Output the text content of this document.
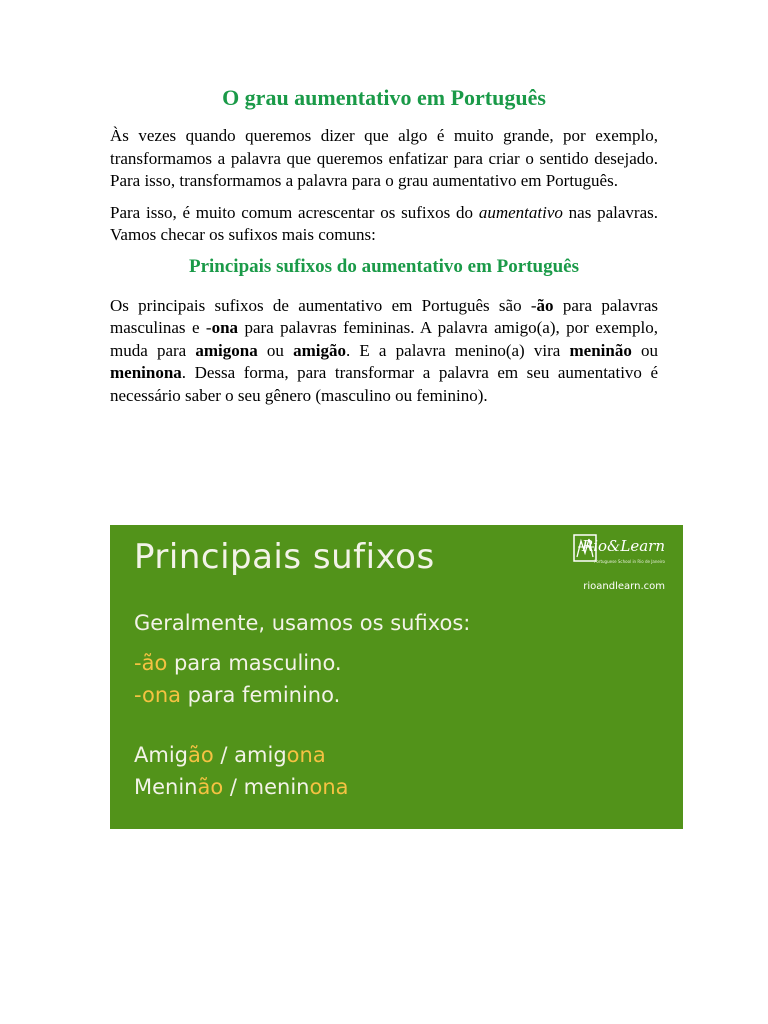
O grau aumentativo em Português

Às vezes quando queremos dizer que algo é muito grande, por exemplo, transformamos a palavra que queremos enfatizar para criar o sentido desejado. Para isso, transformamos a palavra para o grau aumentativo em Português.

Para isso, é muito comum acrescentar os sufixos do aumentativo nas palavras. Vamos checar os sufixos mais comuns:

Principais sufixos do aumentativo em Português

Os principais sufixos de aumentativo em Português são -ão para palavras masculinas e -ona para palavras femininas. A palavra amigo(a), por exemplo, muda para amigona ou amigão. E a palavra menino(a) vira meninão ou meninona. Dessa forma, para transformar a palavra em seu aumentativo é necessário saber o seu gênero (masculino ou feminino).

Principais sufixos	Rio&Learn
Portuguese School in Rio de Janeiro
rioandlearn.com
Geralmente, usamos os sufixos:
-ão para masculino.
-ona para feminino.
Amigão / amigona
Meninão / meninona
